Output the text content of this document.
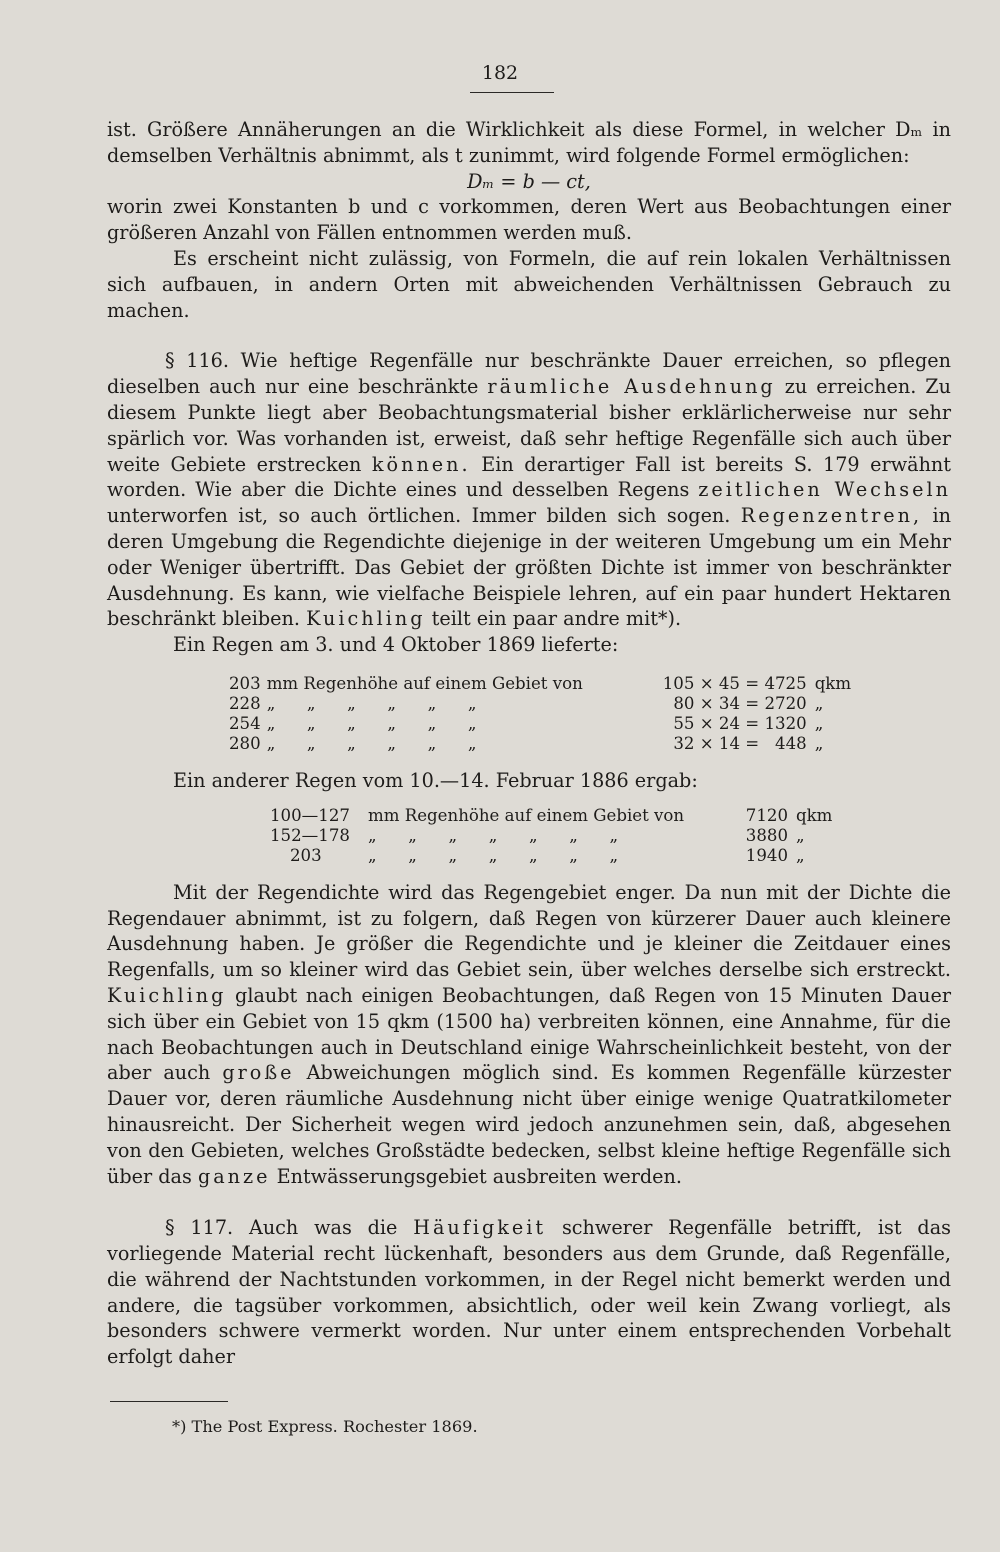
182

ist. Größere Annäherungen an die Wirklichkeit als diese Formel, in welcher Dₘ in demselben Verhältnis abnimmt, als t zunimmt, wird folgende Formel ermöglichen:

Dₘ = b — ct,

worin zwei Konstanten b und c vorkommen, deren Wert aus Beobachtungen einer größeren Anzahl von Fällen entnommen werden muß.

Es erscheint nicht zulässig, von Formeln, die auf rein lokalen Verhältnissen sich aufbauen, in andern Orten mit abweichenden Verhältnissen Gebrauch zu machen.

§ 116. Wie heftige Regenfälle nur beschränkte Dauer erreichen, so pflegen dieselben auch nur eine beschränkte räumliche Ausdehnung zu erreichen. Zu diesem Punkte liegt aber Beobachtungsmaterial bisher erklärlicherweise nur sehr spärlich vor. Was vorhanden ist, erweist, daß sehr heftige Regenfälle sich auch über weite Gebiete erstrecken können. Ein derartiger Fall ist bereits S. 179 erwähnt worden. Wie aber die Dichte eines und desselben Regens zeitlichen Wechseln unterworfen ist, so auch örtlichen. Immer bilden sich sogen. Regenzentren, in deren Umgebung die Regendichte diejenige in der weiteren Umgebung um ein Mehr oder Weniger übertrifft. Das Gebiet der größten Dichte ist immer von beschränkter Ausdehnung. Es kann, wie vielfache Beispiele lehren, auf ein paar hundert Hektaren beschränkt bleiben. Kuichling teilt ein paar andre mit*).

Ein Regen am 3. und 4 Oktober 1869 lieferte:

203	mm Regenhöhe auf einem Gebiet von	105 × 45 = 4725	qkm
228	„      „      „      „      „      „	80 × 34 = 2720	„
254	„      „      „      „      „      „	55 × 24 = 1320	„
280	„      „      „      „      „      „	32 × 14 =   448	„

Ein anderer Regen vom 10.—14. Februar 1886 ergab:

100—127	mm Regenhöhe auf einem Gebiet von	7120	qkm
152—178	„      „      „      „      „      „      „	3880	„
203	„      „      „      „      „      „      „	1940	„

Mit der Regendichte wird das Regengebiet enger. Da nun mit der Dichte die Regendauer abnimmt, ist zu folgern, daß Regen von kürzerer Dauer auch kleinere Ausdehnung haben. Je größer die Regendichte und je kleiner die Zeitdauer eines Regenfalls, um so kleiner wird das Gebiet sein, über welches derselbe sich erstreckt. Kuichling glaubt nach einigen Beobachtungen, daß Regen von 15 Minuten Dauer sich über ein Gebiet von 15 qkm (1500 ha) verbreiten können, eine Annahme, für die nach Beobachtungen auch in Deutschland einige Wahrscheinlichkeit besteht, von der aber auch große Abweichungen möglich sind. Es kommen Regenfälle kürzester Dauer vor, deren räumliche Ausdehnung nicht über einige wenige Quatratkilometer hinausreicht. Der Sicherheit wegen wird jedoch anzunehmen sein, daß, abgesehen von den Gebieten, welches Großstädte bedecken, selbst kleine heftige Regenfälle sich über das ganze Entwässerungsgebiet ausbreiten werden.

§ 117. Auch was die Häufigkeit schwerer Regenfälle betrifft, ist das vorliegende Material recht lückenhaft, besonders aus dem Grunde, daß Regenfälle, die während der Nachtstunden vorkommen, in der Regel nicht bemerkt werden und andere, die tagsüber vorkommen, absichtlich, oder weil kein Zwang vorliegt, als besonders schwere vermerkt worden. Nur unter einem entsprechenden Vorbehalt erfolgt daher

*) The Post Express. Rochester 1869.
